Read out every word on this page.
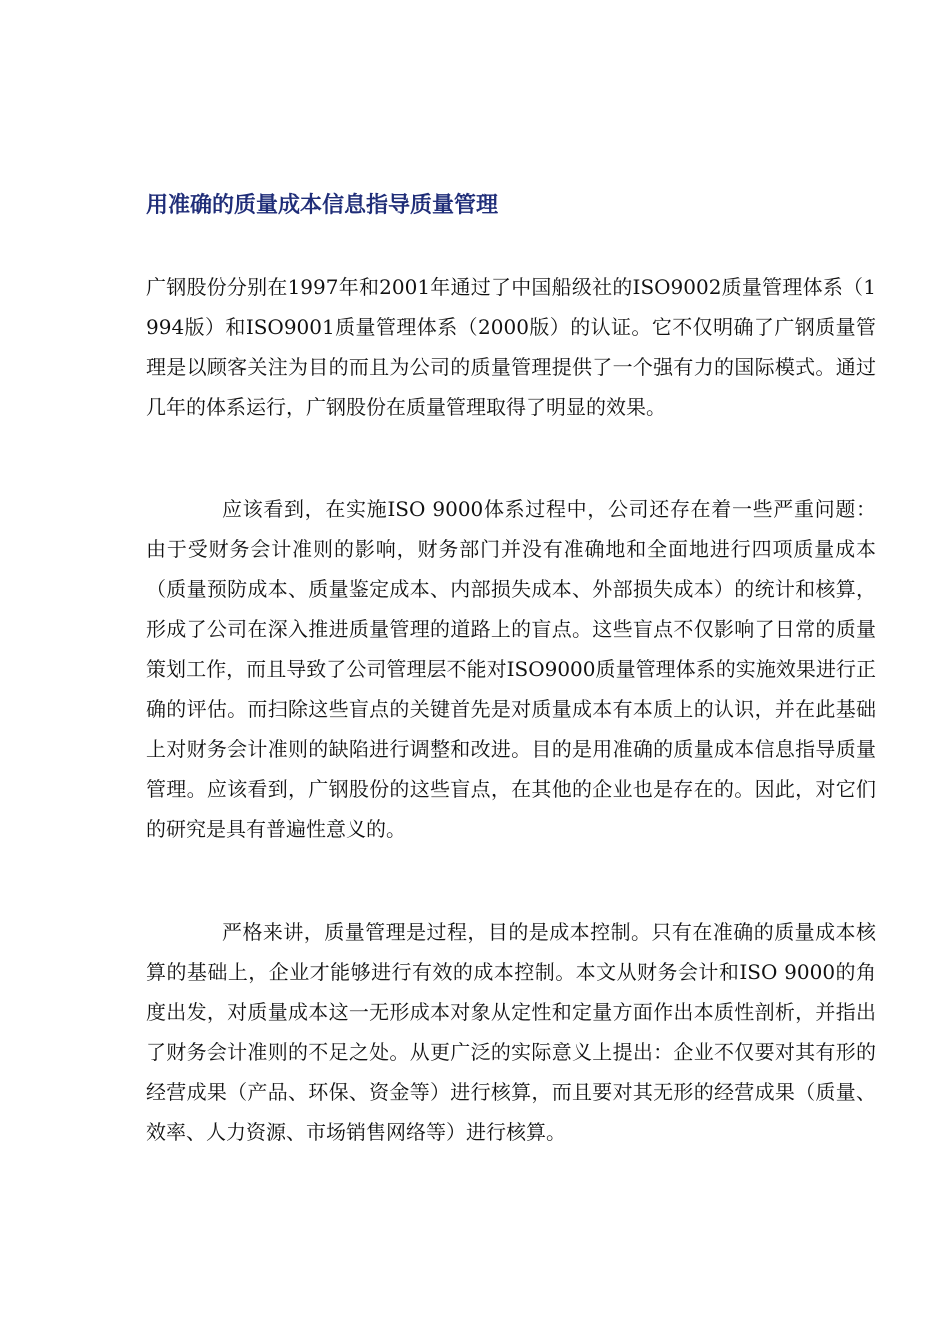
用准确的质量成本信息指导质量管理

广钢股份分别在1997年和2001年通过了中国船级社的ISO9002质量管理体系（1994版）和ISO9001质量管理体系（2000版）的认证。它不仅明确了广钢质量管理是以顾客关注为目的而且为公司的质量管理提供了一个强有力的国际模式。通过几年的体系运行，广钢股份在质量管理取得了明显的效果。

应该看到，在实施ISO 9000体系过程中，公司还存在着一些严重问题：由于受财务会计准则的影响，财务部门并没有准确地和全面地进行四项质量成本（质量预防成本、质量鉴定成本、内部损失成本、外部损失成本）的统计和核算，形成了公司在深入推进质量管理的道路上的盲点。这些盲点不仅影响了日常的质量策划工作，而且导致了公司管理层不能对ISO9000质量管理体系的实施效果进行正确的评估。而扫除这些盲点的关键首先是对质量成本有本质上的认识，并在此基础上对财务会计准则的缺陷进行调整和改进。目的是用准确的质量成本信息指导质量管理。应该看到，广钢股份的这些盲点，在其他的企业也是存在的。因此，对它们的研究是具有普遍性意义的。

严格来讲，质量管理是过程，目的是成本控制。只有在准确的质量成本核算的基础上，企业才能够进行有效的成本控制。本文从财务会计和ISO 9000的角度出发，对质量成本这一无形成本对象从定性和定量方面作出本质性剖析，并指出了财务会计准则的不足之处。从更广泛的实际意义上提出：企业不仅要对其有形的经营成果（产品、环保、资金等）进行核算，而且要对其无形的经营成果（质量、效率、人力资源、市场销售网络等）进行核算。
